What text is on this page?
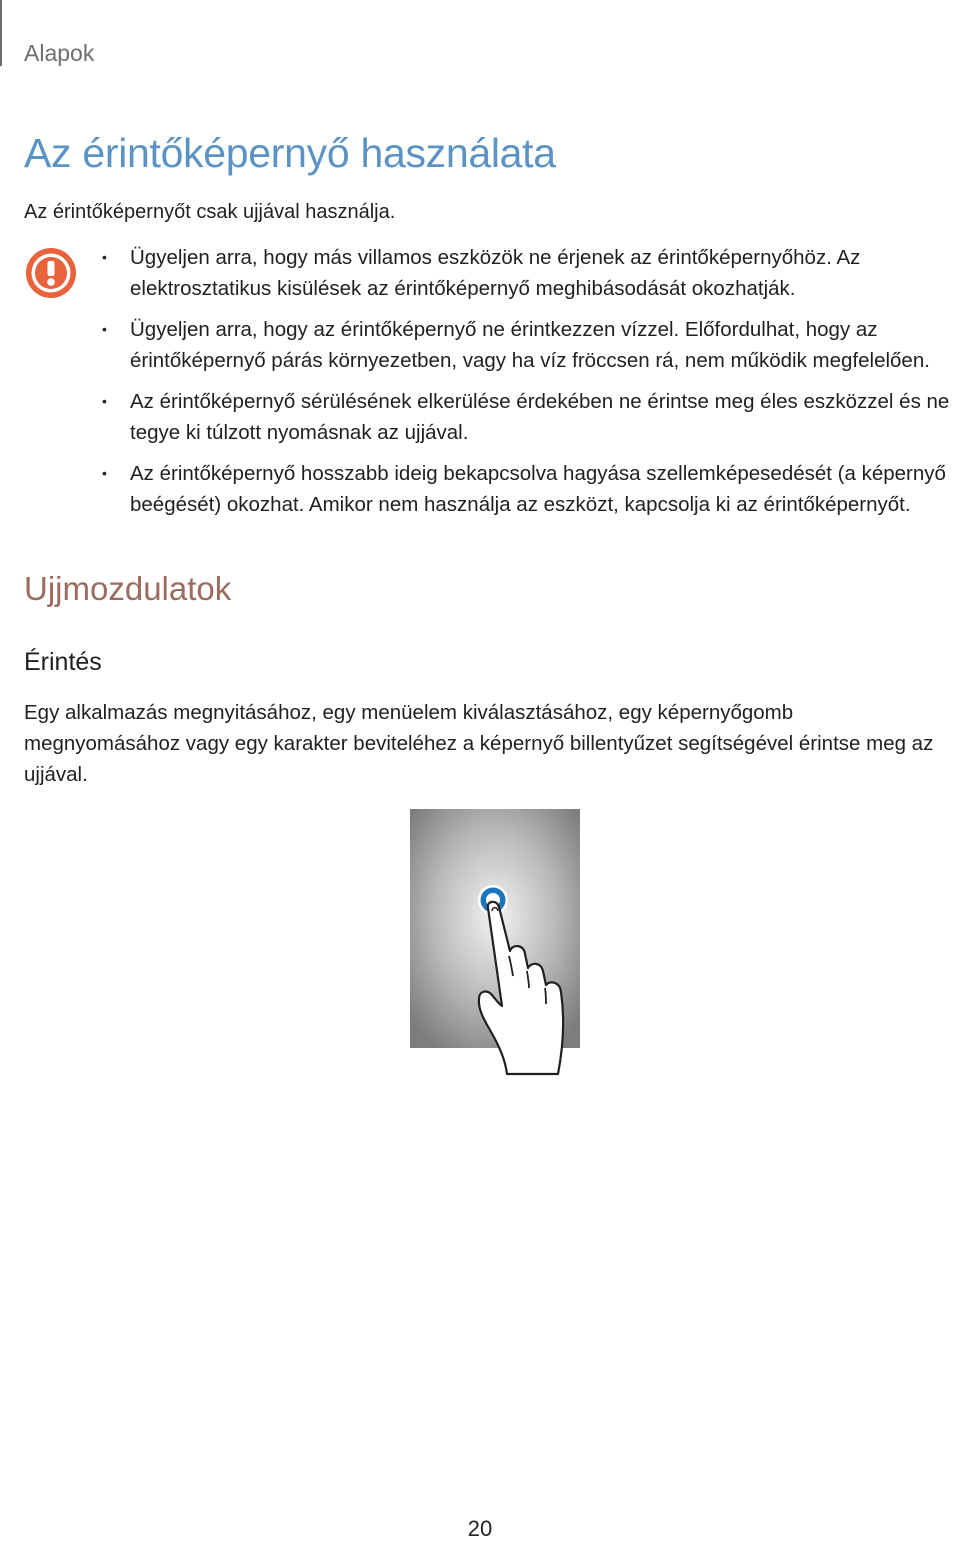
Alapok
Az érintőképernyő használata
Az érintőképernyőt csak ujjával használja.
• Ügyeljen arra, hogy más villamos eszközök ne érjenek az érintőképernyőhöz. Az
elektrosztatikus kisülések az érintőképernyő meghibásodását okozhatják.
• Ügyeljen arra, hogy az érintőképernyő ne érintkezzen vízzel. Előfordulhat, hogy az
érintőképernyő párás környezetben, vagy ha víz fröccsen rá, nem működik megfelelően.
• Az érintőképernyő sérülésének elkerülése érdekében ne érintse meg éles eszközzel és ne
tegye ki túlzott nyomásnak az ujjával.
• Az érintőképernyő hosszabb ideig bekapcsolva hagyása szellemképesedését (a képernyő
beégését) okozhat. Amikor nem használja az eszközt, kapcsolja ki az érintőképernyőt.
Ujjmozdulatok
Érintés
Egy alkalmazás megnyitásához, egy menüelem kiválasztásához, egy képernyőgomb
megnyomásához vagy egy karakter beviteléhez a képernyő billentyűzet segítségével érintse meg az
ujjával.
20
